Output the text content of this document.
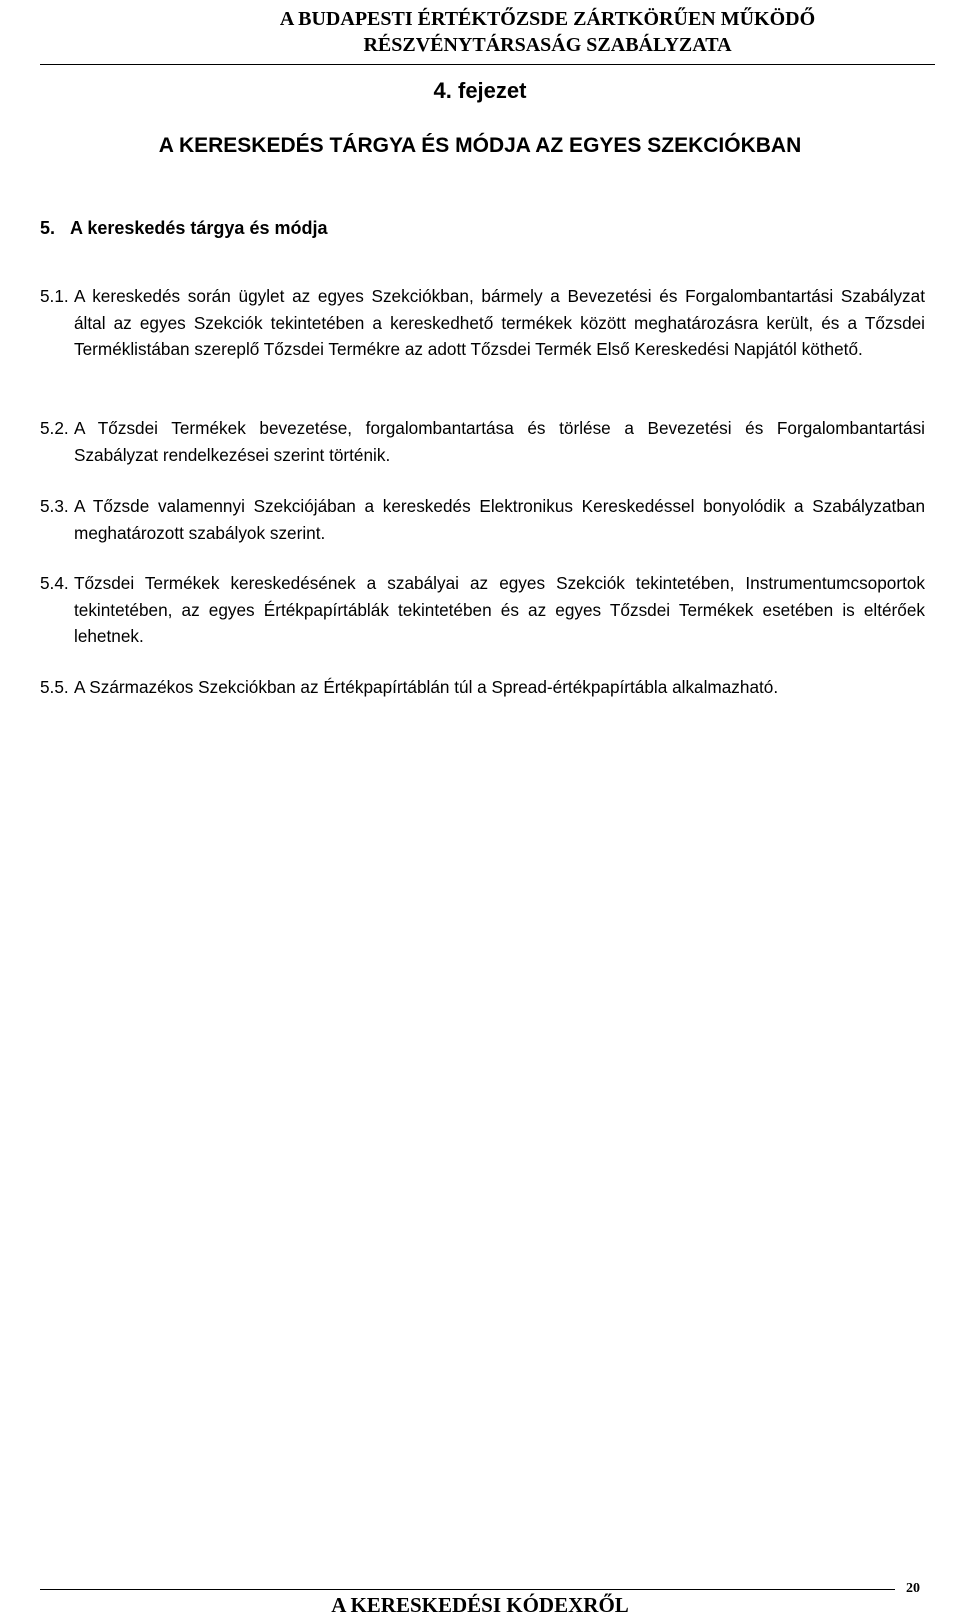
A BUDAPESTI ÉRTÉKTŐZSDE ZÁRTKÖRŰEN MŰKÖDŐ
RÉSZVÉNYTÁRSASÁG SZABÁLYZATA
4. fejezet
A KERESKEDÉS TÁRGYA ÉS MÓDJA AZ EGYES SZEKCIÓKBAN
5. A kereskedés tárgya és módja
5.1. A kereskedés során ügylet az egyes Szekciókban, bármely a Bevezetési és Forgalombantartási Szabályzat által az egyes Szekciók tekintetében a kereskedhető termékek között meghatározásra került, és a Tőzsdei Terméklistában szereplő Tőzsdei Termékre az adott Tőzsdei Termék Első Kereskedési Napjától köthető.
5.2. A Tőzsdei Termékek bevezetése, forgalombantartása és törlése a Bevezetési és Forgalombantartási Szabályzat rendelkezései szerint történik.
5.3. A Tőzsde valamennyi Szekciójában a kereskedés Elektronikus Kereskedéssel bonyolódik a Szabályzatban meghatározott szabályok szerint.
5.4. Tőzsdei Termékek kereskedésének a szabályai az egyes Szekciók tekintetében, Instrumentumcsoportok tekintetében, az egyes Értékpapírtáblák tekintetében és az egyes Tőzsdei Termékek esetében is eltérőek lehetnek.
5.5. A Származékos Szekciókban az Értékpapírtáblán túl a Spread-értékpapírtábla alkalmazható.
20
A KERESKEDÉSI KÓDEXRŐL
